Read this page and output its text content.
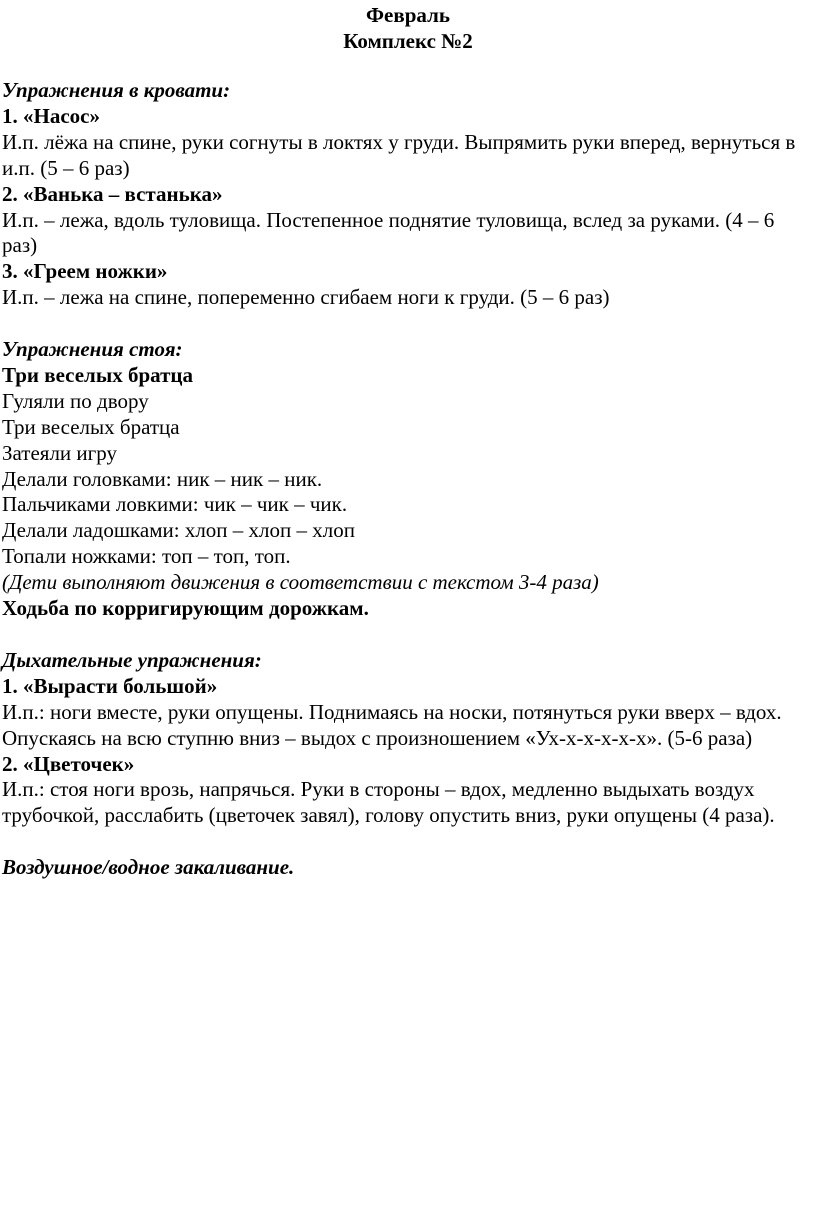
Февраль
Комплекс №2
Упражнения в кровати:
1. «Насос»
И.п. лёжа на спине, руки согнуты в локтях у груди. Выпрямить руки вперед, вернуться в и.п. (5 – 6 раз)
2. «Ванька – встанька»
И.п. – лежа, вдоль туловища. Постепенное поднятие туловища, вслед за руками. (4 – 6 раз)
3. «Греем ножки»
И.п. – лежа на спине, попеременно сгибаем ноги к груди. (5 – 6 раз)
Упражнения стоя:
Три веселых братца
Гуляли по двору
Три веселых братца
Затеяли игру
Делали головками: ник – ник – ник.
Пальчиками ловкими: чик – чик – чик.
Делали ладошками: хлоп – хлоп – хлоп
Топали ножками: топ – топ, топ.
(Дети выполняют движения в соответствии с текстом 3-4 раза)
Ходьба по корригирующим дорожкам.
Дыхательные упражнения:
1. «Вырасти большой»
И.п.: ноги вместе, руки опущены. Поднимаясь на носки, потянуться руки вверх – вдох. Опускаясь на всю ступню вниз – выдох с произношением «Ух-х-х-х-х-х». (5-6 раза)
2. «Цветочек»
И.п.: стоя ноги врозь, напрячься. Руки в стороны – вдох, медленно выдыхать воздух трубочкой, расслабить (цветочек завял), голову опустить вниз, руки опущены (4 раза).
Воздушное/водное закаливание.
